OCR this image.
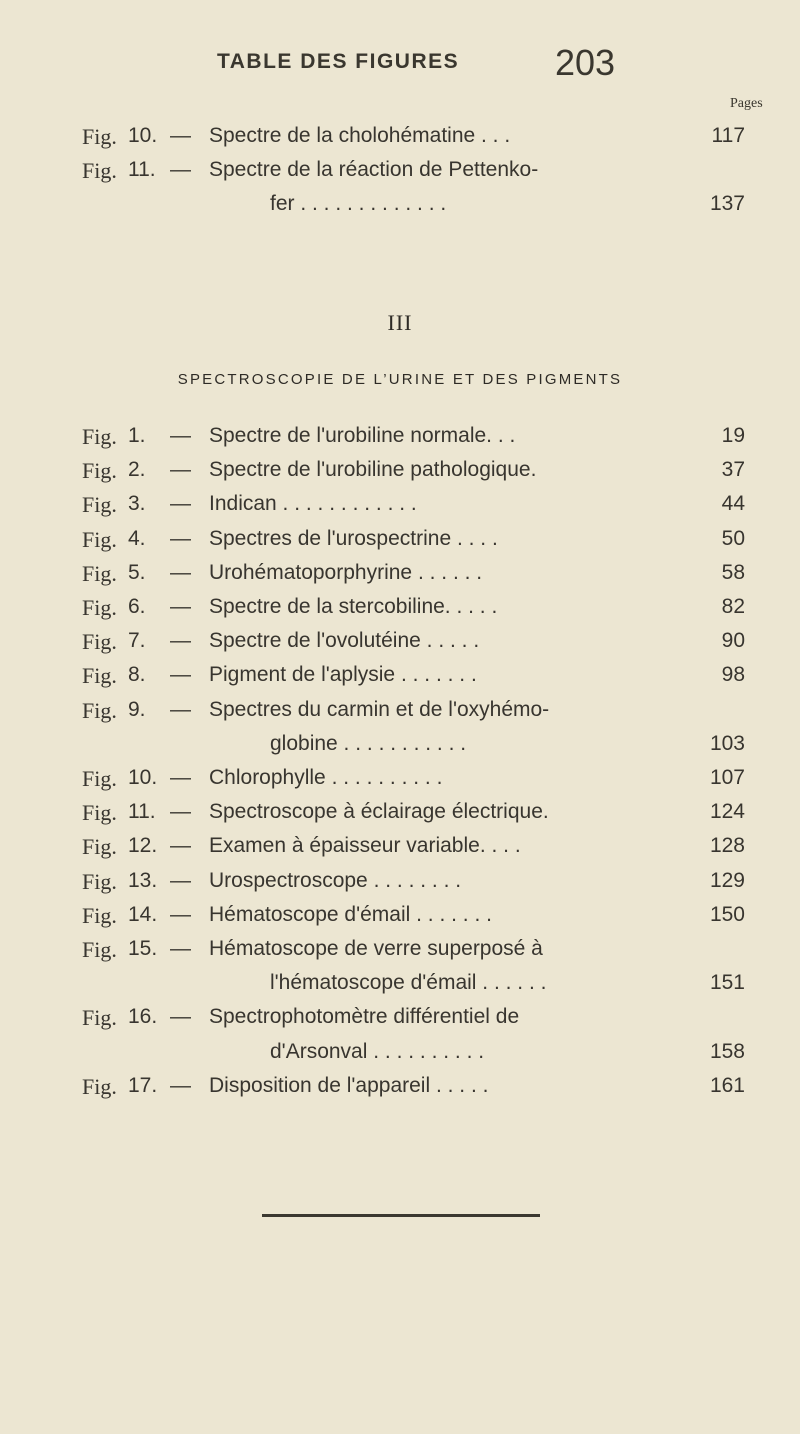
TABLE DES FIGURES	203
Pages
Fig. 10. — Spectre de la cholohématine . . .	117
Fig. 11. — Spectre de la réaction de Pettenko-
fer . . . . . . . . . . . . .	137
III
SPECTROSCOPIE DE L’URINE ET DES PIGMENTS
Fig. 1. — Spectre de l'urobiline normale. . .	19
Fig. 2. — Spectre de l'urobiline pathologique.	37
Fig. 3. — Indican . . . . . . . . . . . .	44
Fig. 4. — Spectres de l'urospectrine . . . .	50
Fig. 5. — Urohématoporphyrine . . . . . .	58
Fig. 6. — Spectre de la stercobiline. . . . .	82
Fig. 7. — Spectre de l'ovolutéine . . . . .	90
Fig. 8. — Pigment de l'aplysie . . . . . . .	98
Fig. 9. — Spectres du carmin et de l'oxyhémo-
globine . . . . . . . . . . .	103
Fig. 10. — Chlorophylle . . . . . . . . . .	107
Fig. 11. — Spectroscope à éclairage électrique.	124
Fig. 12. — Examen à épaisseur variable. . . .	128
Fig. 13. — Urospectroscope . . . . . . . .	129
Fig. 14. — Hématoscope d'émail . . . . . . .	150
Fig. 15. — Hématoscope de verre superposé à
l'hématoscope d'émail . . . . . .	151
Fig. 16. — Spectrophotomètre différentiel de
d'Arsonval . . . . . . . . . .	158
Fig. 17. — Disposition de l'appareil . . . . .	161
